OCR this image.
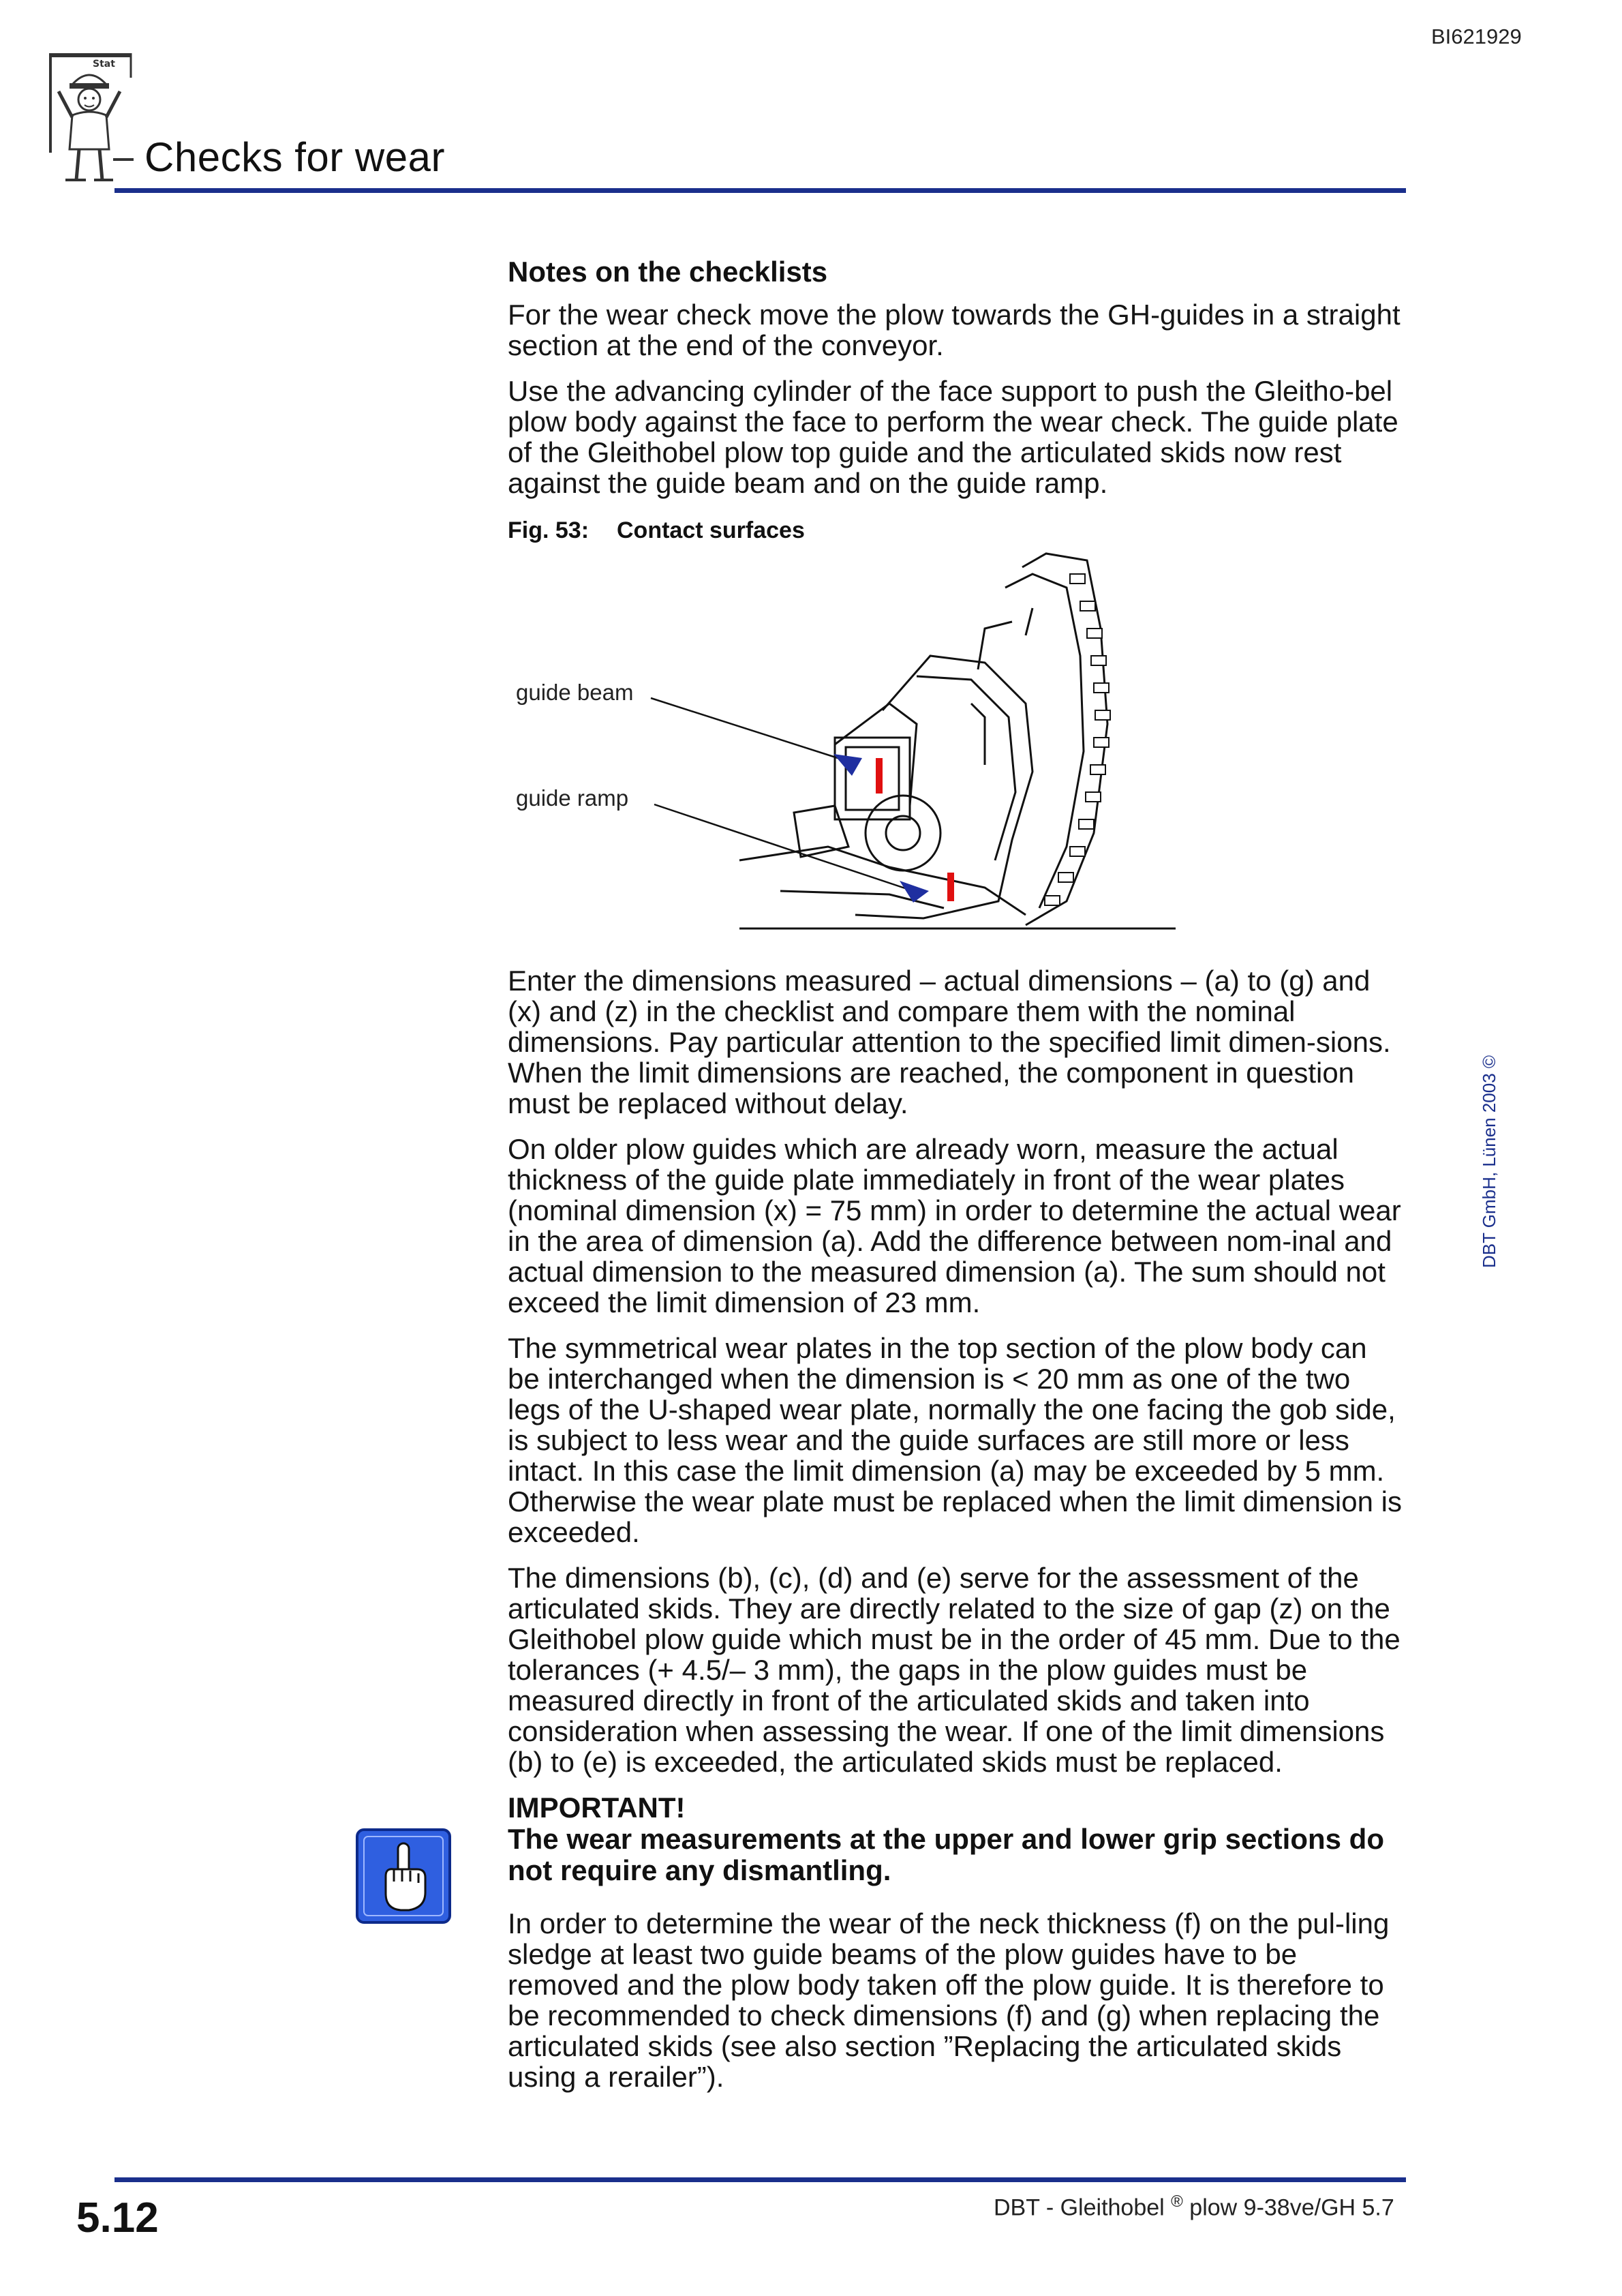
BI621929
Stat
Checks for wear
DBT GmbH, Lünen 2003 ©
Notes on the checklists

For the wear check move the plow towards the GH-guides in a straight section at the end of the conveyor.

Use the advancing cylinder of the face support to push the Gleitho-bel plow body against the face to perform the wear check. The guide plate of the Gleithobel plow top guide and the articulated skids now rest against the guide beam and on the guide ramp.

Fig. 53: Contact surfaces
guide beam
guide ramp

Enter the dimensions measured – actual dimensions – (a) to (g) and (x) and (z) in the checklist and compare them with the nominal dimensions. Pay particular attention to the specified limit dimen-sions. When the limit dimensions are reached, the component in question must be replaced without delay.

On older plow guides which are already worn, measure the actual thickness of the guide plate immediately in front of the wear plates (nominal dimension (x) = 75 mm) in order to determine the actual wear in the area of dimension (a). Add the difference between nom-inal and actual dimension to the measured dimension (a). The sum should not exceed the limit dimension of 23 mm.

The symmetrical wear plates in the top section of the plow body can be interchanged when the dimension is < 20 mm as one of the two legs of the U-shaped wear plate, normally the one facing the gob side, is subject to less wear and the guide surfaces are still more or less intact. In this case the limit dimension (a) may be exceeded by 5 mm. Otherwise the wear plate must be replaced when the limit dimension is exceeded.

The dimensions (b), (c), (d) and (e) serve for the assessment of the articulated skids. They are directly related to the size of gap (z) on the Gleithobel plow guide which must be in the order of 45 mm. Due to the tolerances (+ 4.5/– 3 mm), the gaps in the plow guides must be measured directly in front of the articulated skids and taken into consideration when assessing the wear. If one of the limit dimensions (b) to (e) is exceeded, the articulated skids must be replaced.

IMPORTANT!
The wear measurements at the upper and lower grip sections do not require any dismantling.

In order to determine the wear of the neck thickness (f) on the pul-ling sledge at least two guide beams of the plow guides have to be removed and the plow body taken off the plow guide. It is therefore to be recommended to check dimensions (f) and (g) when replacing the articulated skids (see also section ”Replacing the articulated skids using a rerailer”).

5.12	DBT - Gleithobel ® plow 9-38ve/GH 5.7
